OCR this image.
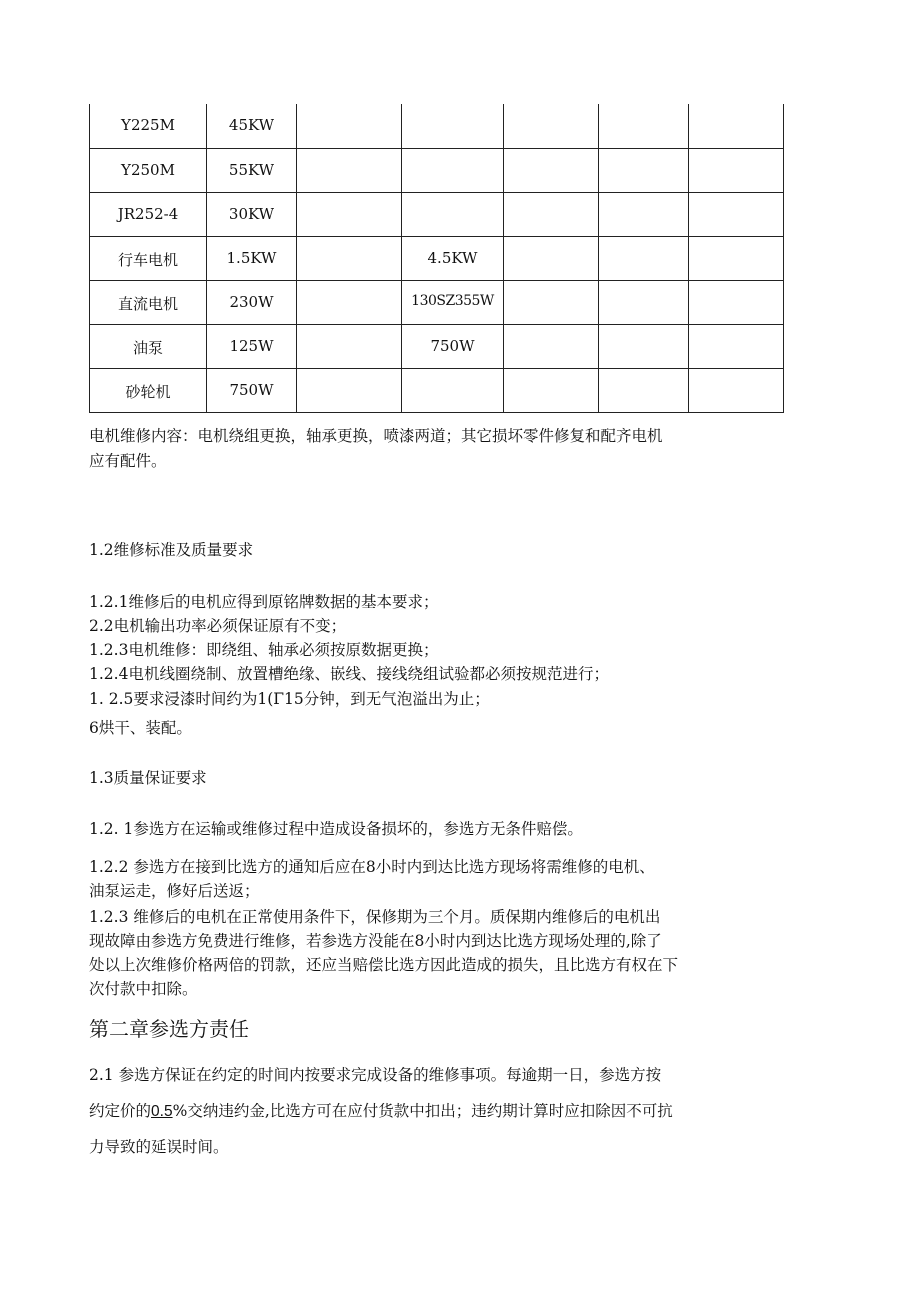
Y225M	45KW					
Y250M	55KW					
JR252-4	30KW					
行车电机	1.5KW		4.5KW			
直流电机	230W		130SZ355W			
油泵	125W		750W			
砂轮机	750W					
电机维修内容：电机绕组更换，轴承更换，喷漆两道；其它损坏零件修复和配齐电机
应有配件。
1.2维修标准及质量要求
1.2.1维修后的电机应得到原铭牌数据的基本要求；
2.2电机输出功率必须保证原有不变；
1.2.3电机维修：即绕组、轴承必须按原数据更换；
1.2.4电机线圈绕制、放置槽绝缘、嵌线、接线绕组试验都必须按规范进行；
1. 2.5要求浸漆时间约为1(Γ15分钟，到无气泡溢出为止；
6烘干、装配。
1.3质量保证要求
1.2. 1参选方在运输或维修过程中造成设备损坏的，参选方无条件赔偿。
1.2.2 参选方在接到比选方的通知后应在8小时内到达比选方现场将需维修的电机、
油泵运走，修好后送返；
1.2.3 维修后的电机在正常使用条件下，保修期为三个月。质保期内维修后的电机出
现故障由参选方免费进行维修，若参选方没能在8小时内到达比选方现场处理的,除了
处以上次维修价格两倍的罚款，还应当赔偿比选方因此造成的损失，且比选方有权在下
次付款中扣除。
第二章参选方责任
2.1 参选方保证在约定的时间内按要求完成设备的维修事项。每逾期一日，参选方按
约定价的0.5%交纳违约金,比选方可在应付货款中扣出；违约期计算时应扣除因不可抗
力导致的延误时间。
